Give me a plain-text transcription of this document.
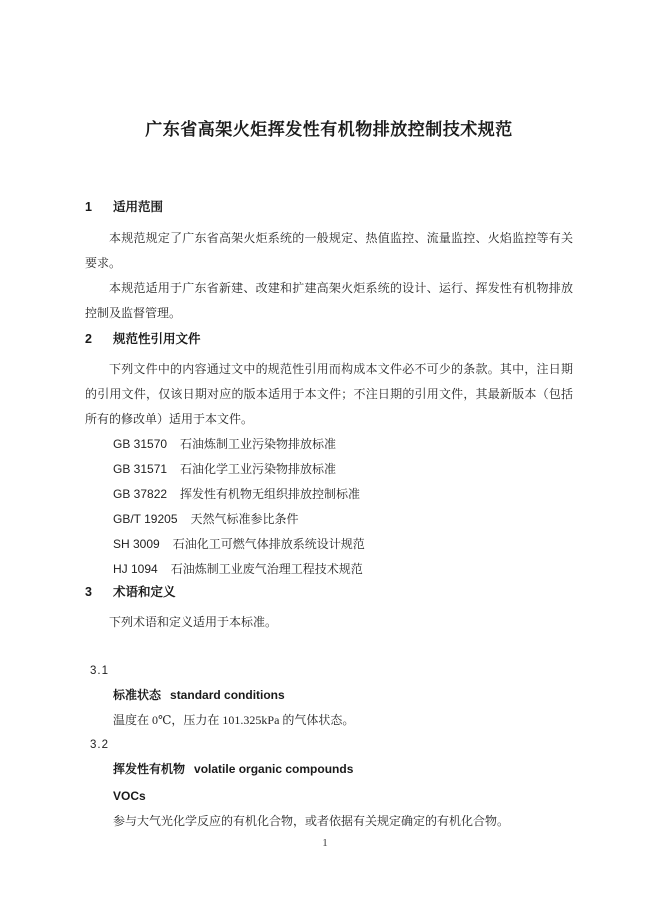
广东省高架火炬挥发性有机物排放控制技术规范
1 适用范围

本规范规定了广东省高架火炬系统的一般规定、热值监控、流量监控、火焰监控等有关要求。

本规范适用于广东省新建、改建和扩建高架火炬系统的设计、运行、挥发性有机物排放控制及监督管理。

2 规范性引用文件

下列文件中的内容通过文中的规范性引用而构成本文件必不可少的条款。其中，注日期的引用文件，仅该日期对应的版本适用于本文件；不注日期的引用文件，其最新版本（包括所有的修改单）适用于本文件。

GB 31570 石油炼制工业污染物排放标准
GB 31571 石油化学工业污染物排放标准
GB 37822 挥发性有机物无组织排放控制标准
GB/T 19205 天然气标准参比条件
SH 3009 石油化工可燃气体排放系统设计规范
HJ 1094 石油炼制工业废气治理工程技术规范
3 术语和定义

下列术语和定义适用于本标准。

3.1

标准状态 standard conditions

温度在 0℃，压力在 101.325kPa 的气体状态。

3.2

挥发性有机物 volatile organic compounds

VOCs

参与大气光化学反应的有机化合物，或者依据有关规定确定的有机化合物。

1
